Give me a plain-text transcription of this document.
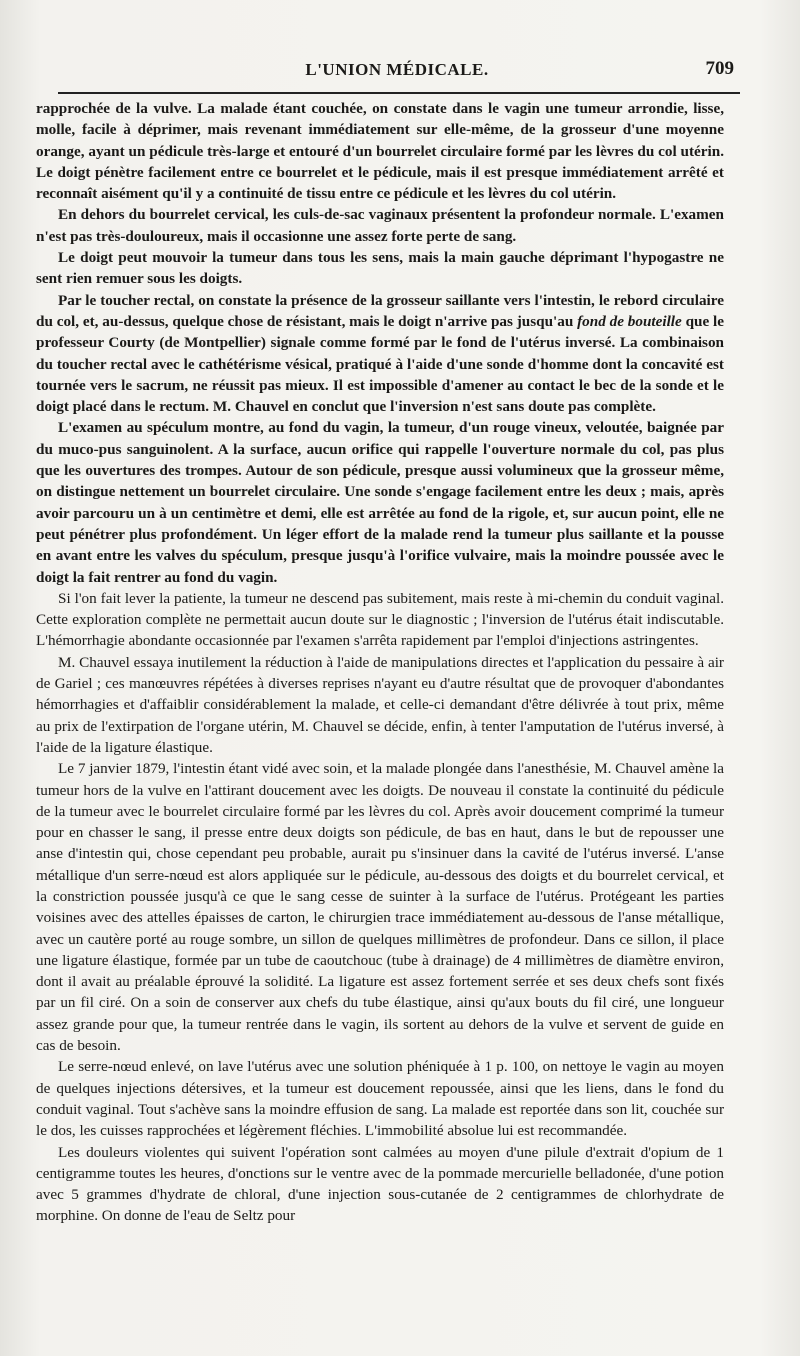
L'UNION MÉDICALE.	709

rapprochée de la vulve. La malade étant couchée, on constate dans le vagin une tumeur arrondie, lisse, molle, facile à déprimer, mais revenant immédiatement sur elle-même, de la grosseur d'une moyenne orange, ayant un pédicule très-large et entouré d'un bourrelet circulaire formé par les lèvres du col utérin. Le doigt pénètre facilement entre ce bourrelet et le pédicule, mais il est presque immédiatement arrêté et reconnaît aisément qu'il y a continuité de tissu entre ce pédicule et les lèvres du col utérin.

En dehors du bourrelet cervical, les culs-de-sac vaginaux présentent la profondeur normale. L'examen n'est pas très-douloureux, mais il occasionne une assez forte perte de sang.

Le doigt peut mouvoir la tumeur dans tous les sens, mais la main gauche déprimant l'hypogastre ne sent rien remuer sous les doigts.

Par le toucher rectal, on constate la présence de la grosseur saillante vers l'intestin, le rebord circulaire du col, et, au-dessus, quelque chose de résistant, mais le doigt n'arrive pas jusqu'au fond de bouteille que le professeur Courty (de Montpellier) signale comme formé par le fond de l'utérus inversé. La combinaison du toucher rectal avec le cathétérisme vésical, pratiqué à l'aide d'une sonde d'homme dont la concavité est tournée vers le sacrum, ne réussit pas mieux. Il est impossible d'amener au contact le bec de la sonde et le doigt placé dans le rectum. M. Chauvel en conclut que l'inversion n'est sans doute pas complète.

L'examen au spéculum montre, au fond du vagin, la tumeur, d'un rouge vineux, veloutée, baignée par du muco-pus sanguinolent. A la surface, aucun orifice qui rappelle l'ouverture normale du col, pas plus que les ouvertures des trompes. Autour de son pédicule, presque aussi volumineux que la grosseur même, on distingue nettement un bourrelet circulaire. Une sonde s'engage facilement entre les deux ; mais, après avoir parcouru un à un centimètre et demi, elle est arrêtée au fond de la rigole, et, sur aucun point, elle ne peut pénétrer plus profondément. Un léger effort de la malade rend la tumeur plus saillante et la pousse en avant entre les valves du spéculum, presque jusqu'à l'orifice vulvaire, mais la moindre poussée avec le doigt la fait rentrer au fond du vagin.

Si l'on fait lever la patiente, la tumeur ne descend pas subitement, mais reste à mi-chemin du conduit vaginal. Cette exploration complète ne permettait aucun doute sur le diagnostic ; l'inversion de l'utérus était indiscutable. L'hémorrhagie abondante occasionnée par l'examen s'arrêta rapidement par l'emploi d'injections astringentes.

M. Chauvel essaya inutilement la réduction à l'aide de manipulations directes et l'application du pessaire à air de Gariel ; ces manœuvres répétées à diverses reprises n'ayant eu d'autre résultat que de provoquer d'abondantes hémorrhagies et d'affaiblir considérablement la malade, et celle-ci demandant d'être délivrée à tout prix, même au prix de l'extirpation de l'organe utérin, M. Chauvel se décide, enfin, à tenter l'amputation de l'utérus inversé, à l'aide de la ligature élastique.

Le 7 janvier 1879, l'intestin étant vidé avec soin, et la malade plongée dans l'anesthésie, M. Chauvel amène la tumeur hors de la vulve en l'attirant doucement avec les doigts. De nouveau il constate la continuité du pédicule de la tumeur avec le bourrelet circulaire formé par les lèvres du col. Après avoir doucement comprimé la tumeur pour en chasser le sang, il presse entre deux doigts son pédicule, de bas en haut, dans le but de repousser une anse d'intestin qui, chose cependant peu probable, aurait pu s'insinuer dans la cavité de l'utérus inversé. L'anse métallique d'un serre-nœud est alors appliquée sur le pédicule, au-dessous des doigts et du bourrelet cervical, et la constriction poussée jusqu'à ce que le sang cesse de suinter à la surface de l'utérus. Protégeant les parties voisines avec des attelles épaisses de carton, le chirurgien trace immédiatement au-dessous de l'anse métallique, avec un cautère porté au rouge sombre, un sillon de quelques millimètres de profondeur. Dans ce sillon, il place une ligature élastique, formée par un tube de caoutchouc (tube à drainage) de 4 millimètres de diamètre environ, dont il avait au préalable éprouvé la solidité. La ligature est assez fortement serrée et ses deux chefs sont fixés par un fil ciré. On a soin de conserver aux chefs du tube élastique, ainsi qu'aux bouts du fil ciré, une longueur assez grande pour que, la tumeur rentrée dans le vagin, ils sortent au dehors de la vulve et servent de guide en cas de besoin.

Le serre-nœud enlevé, on lave l'utérus avec une solution phéniquée à 1 p. 100, on nettoye le vagin au moyen de quelques injections détersives, et la tumeur est doucement repoussée, ainsi que les liens, dans le fond du conduit vaginal. Tout s'achève sans la moindre effusion de sang. La malade est reportée dans son lit, couchée sur le dos, les cuisses rapprochées et légèrement fléchies. L'immobilité absolue lui est recommandée.

Les douleurs violentes qui suivent l'opération sont calmées au moyen d'une pilule d'extrait d'opium de 1 centigramme toutes les heures, d'onctions sur le ventre avec de la pommade mercurielle belladonée, d'une potion avec 5 grammes d'hydrate de chloral, d'une injection sous-cutanée de 2 centigrammes de chlorhydrate de morphine. On donne de l'eau de Seltz pour
